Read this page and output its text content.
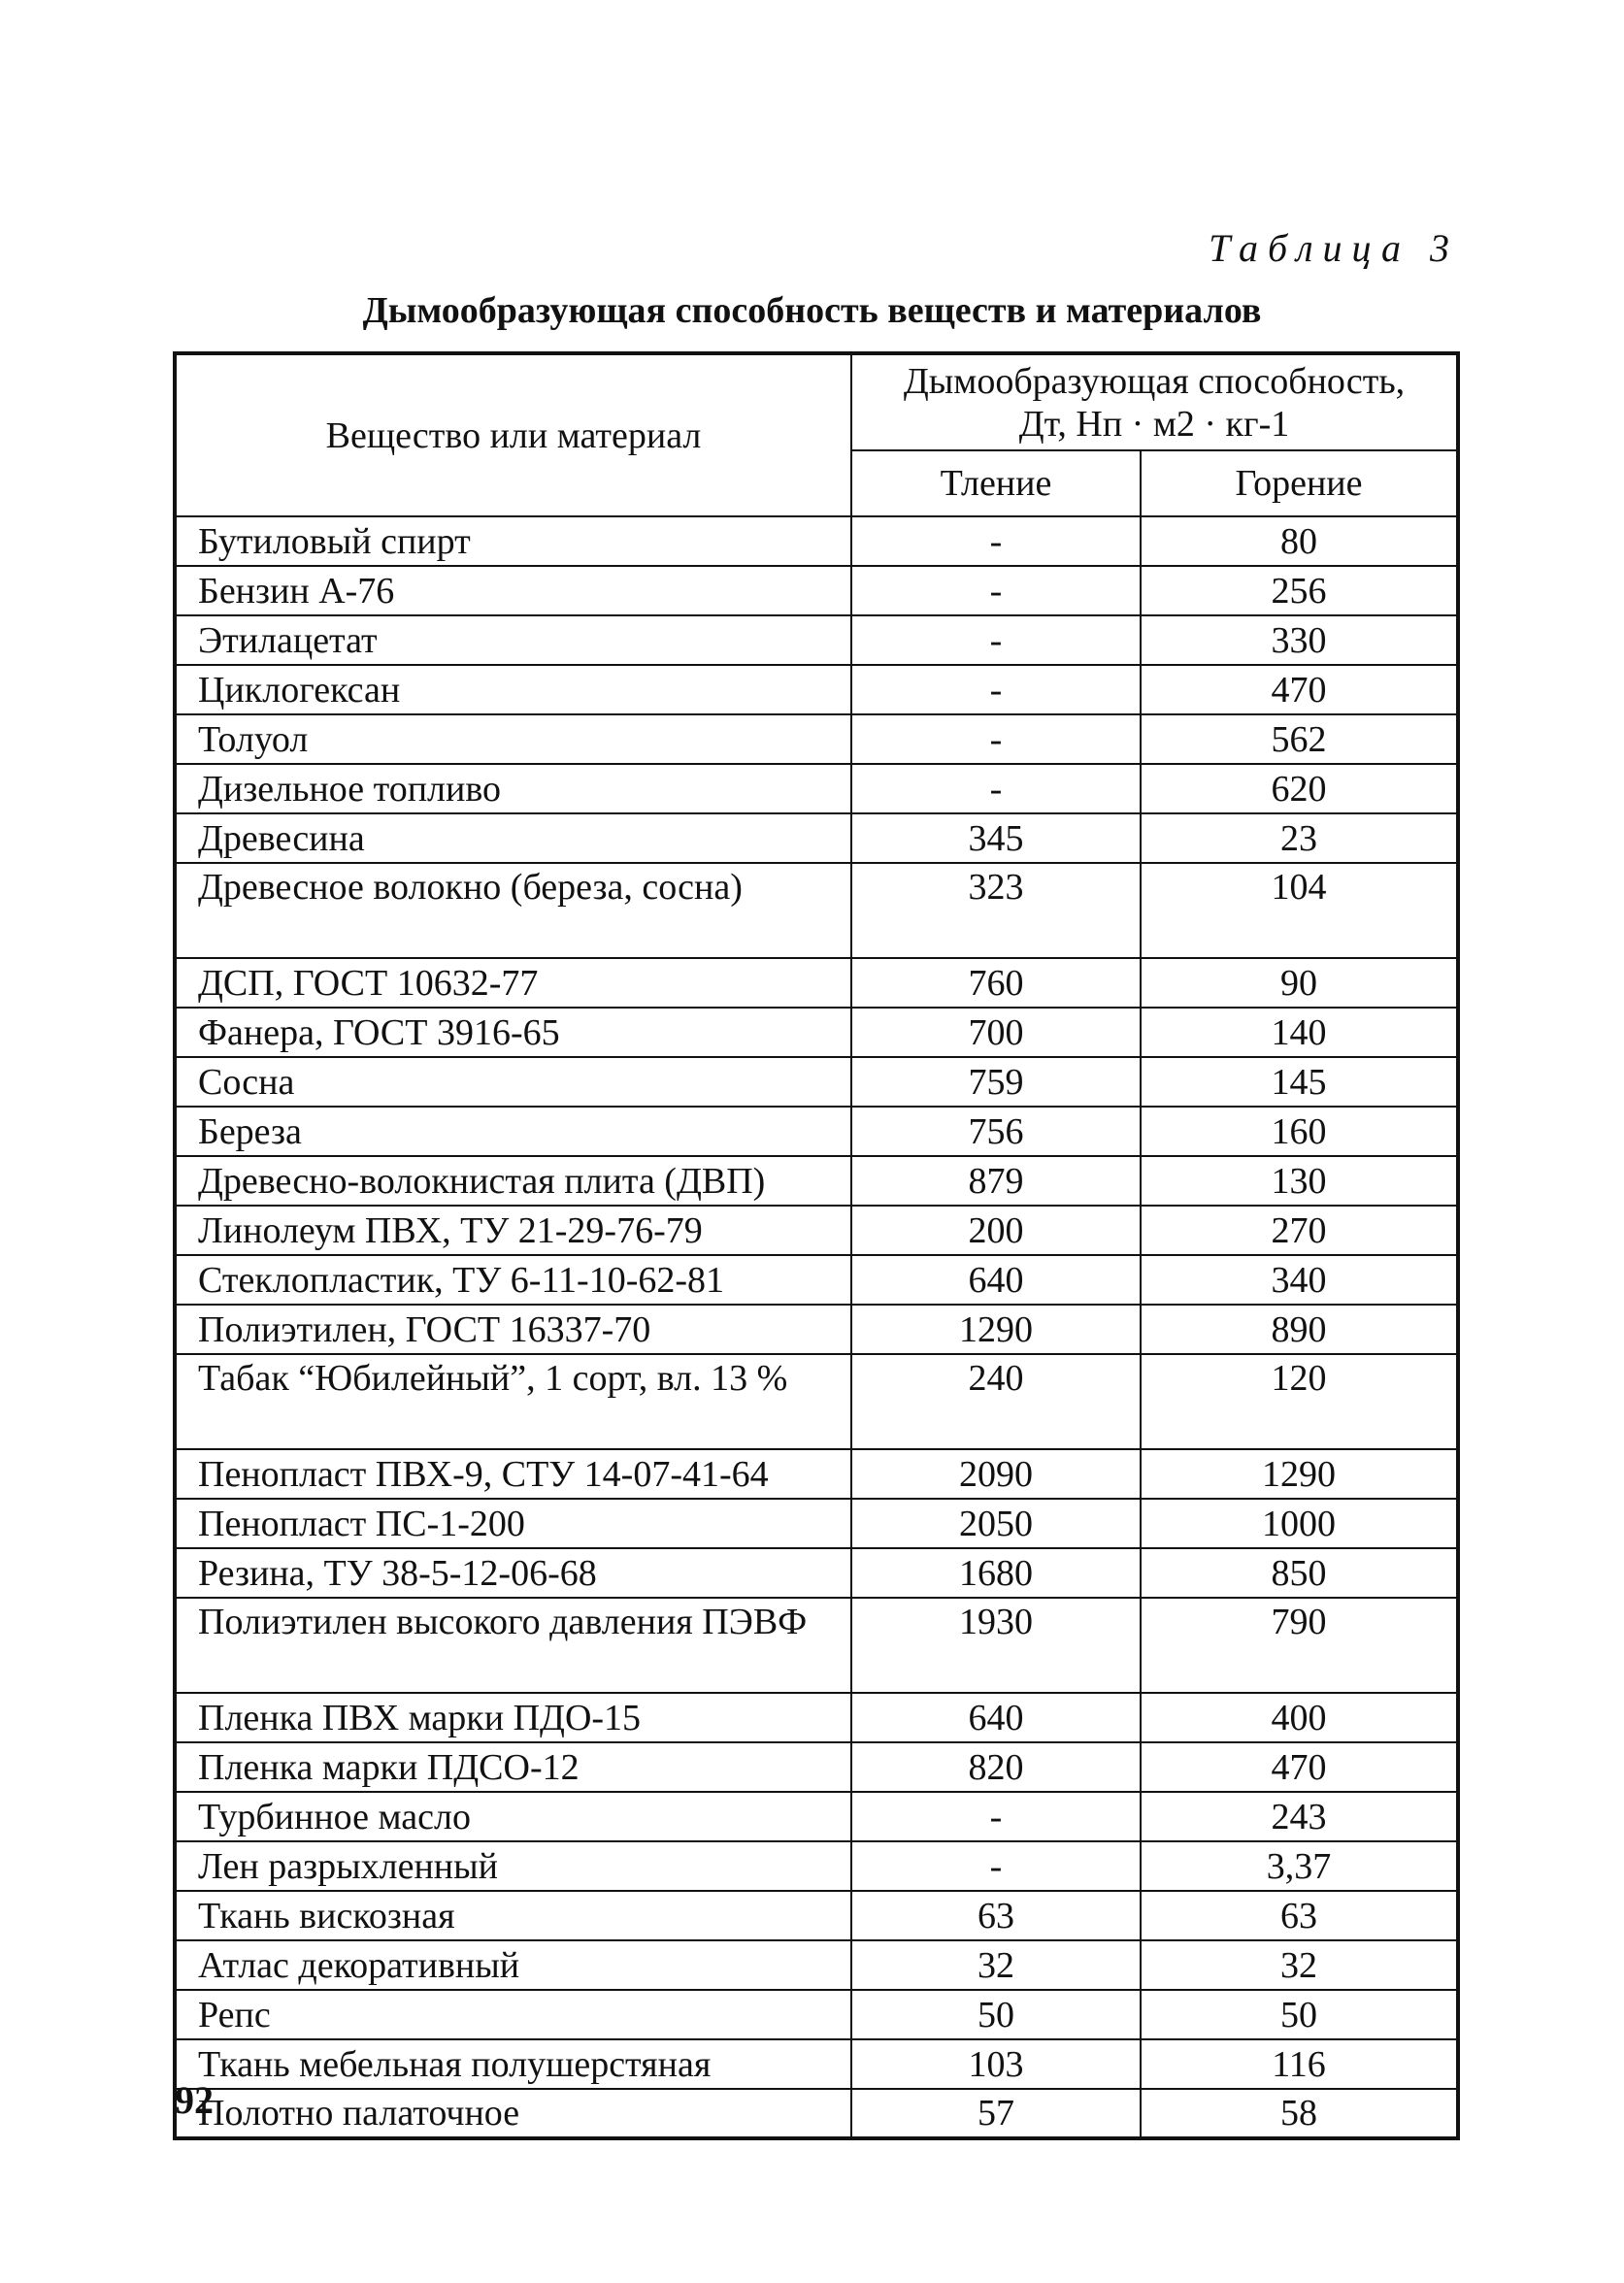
Таблица 3
Дымообразующая способность веществ и материалов
Вещество или материал	Дымообразующая способность,
Дт, Нп · м2 · кг-1	

	Тление	Горение
Бутиловый спирт	-	80
Бензин А-76	-	256
Этилацетат	-	330
Циклогексан	-	470
Толуол	-	562
Дизельное топливо	-	620
Древесина	345	23
Древесное волокно (береза, сосна)	323	104
ДСП, ГОСТ 10632-77	760	90
Фанера, ГОСТ 3916-65	700	140
Сосна	759	145
Береза	756	160
Древесно-волокнистая плита (ДВП)	879	130
Линолеум ПВХ, ТУ 21-29-76-79	200	270
Стеклопластик, ТУ 6-11-10-62-81	640	340
Полиэтилен, ГОСТ 16337-70	1290	890
Табак “Юбилейный”, 1 сорт, вл. 13 %	240	120
Пенопласт ПВХ-9, СТУ 14-07-41-64	2090	1290
Пенопласт ПС-1-200	2050	1000
Резина, ТУ 38-5-12-06-68	1680	850
Полиэтилен высокого давления ПЭВФ	1930	790
Пленка ПВХ марки ПДО-15	640	400
Пленка марки ПДСО-12	820	470
Турбинное масло	-	243
Лен разрыхленный	-	3,37
Ткань вискозная	63	63
Атлас декоративный	32	32
Репс	50	50
Ткань мебельная полушерстяная	103	116
Полотно палаточное	57	58
92
